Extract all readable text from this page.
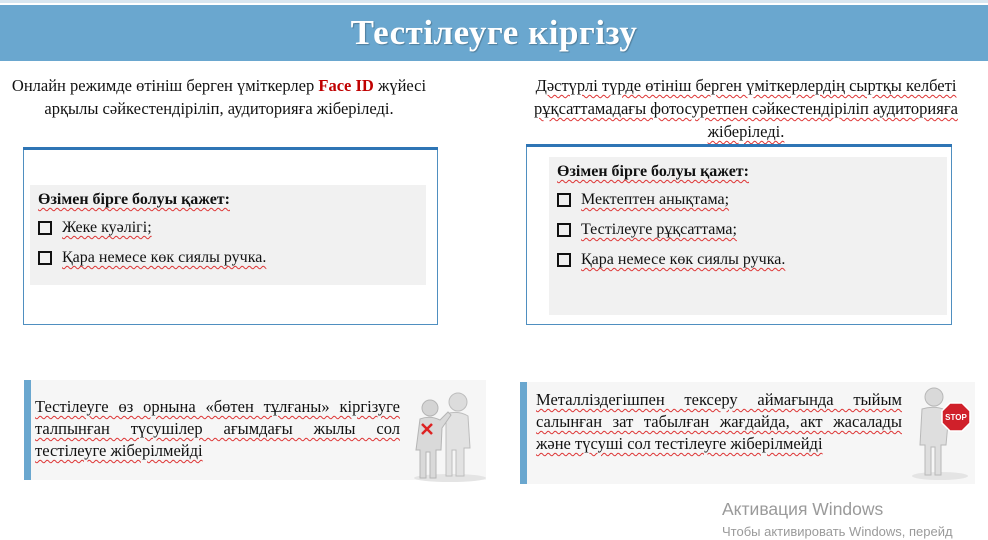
Тестілеуге кіргізу
Онлайн режимде өтініш берген үміткерлер Face ID жүйесі арқылы сәйкестендіріліп, аудиторияға жіберіледі.
Дәстүрлі түрде өтініш берген үміткерлердің сыртқы келбеті рұқсаттамадағы фотосуретпен сәйкестендіріліп аудиторияға жіберіледі.
Өзімен бірге болуы қажет:
Жеке куәлігі;
Қара немесе көк сиялы ручка.
Өзімен бірге болуы қажет:
Мектептен анықтама;
Тестілеуге рұқсаттама;
Қара немесе көк сиялы ручка.
Тестілеуге өз орнына «бөтен тұлғаны» кіргізуге талпынған түсушілер ағымдағы жылы сол тестілеуге жіберілмейді
Металліздегішпен тексеру аймағында тыйым салынған зат табылған жағдайда, акт жасалады және түсуші сол тестілеуге жіберілмейді
STOP
Активация Windows
Чтобы активировать Windows, перейд
